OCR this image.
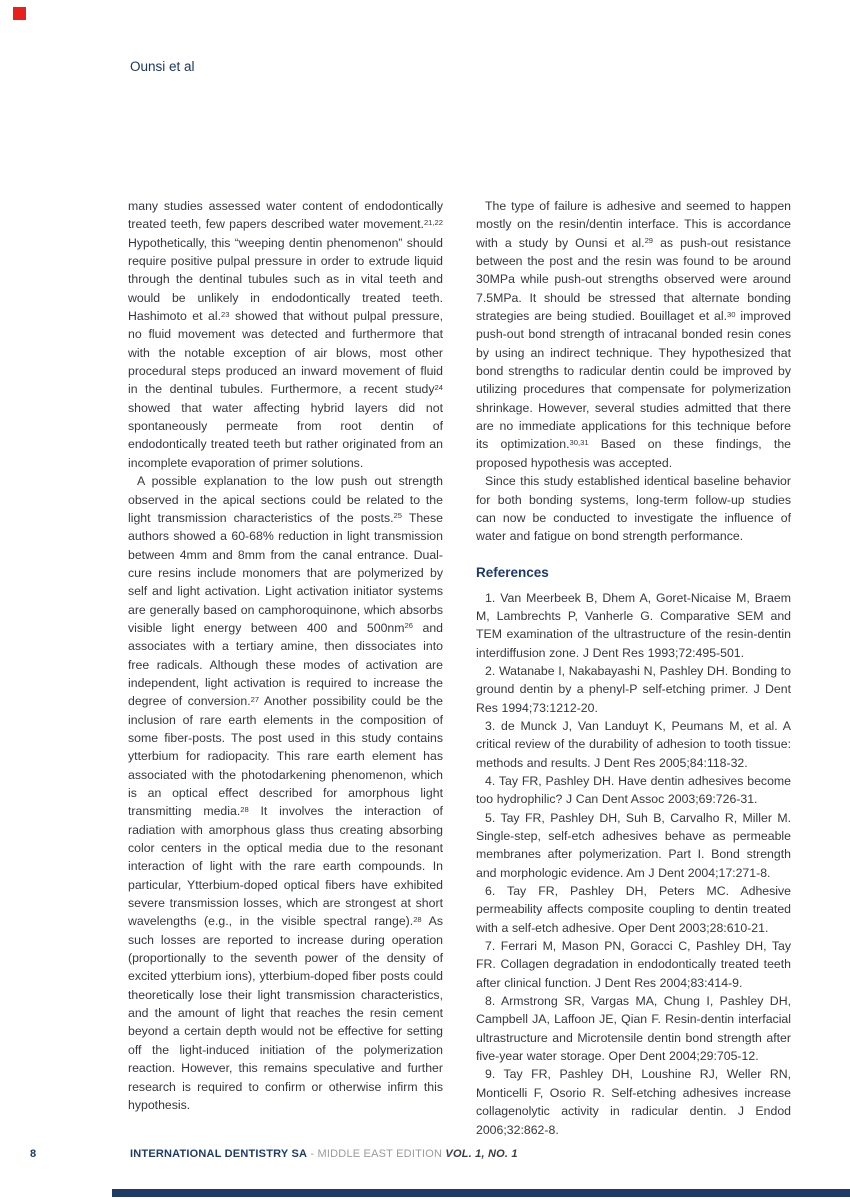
Ounsi et al

many studies assessed water content of endodontically treated teeth, few papers described water movement.$^{21,22}$ Hypothetically, this “weeping dentin phenomenon” should require positive pulpal pressure in order to extrude liquid through the dentinal tubules such as in vital teeth and would be unlikely in endodontically treated teeth. Hashimoto et al.$^{23}$ showed that without pulpal pressure, no fluid movement was detected and furthermore that with the notable exception of air blows, most other procedural steps produced an inward movement of fluid in the dentinal tubules. Furthermore, a recent study$^{24}$ showed that water affecting hybrid layers did not spontaneously permeate from root dentin of endodontically treated teeth but rather originated from an incomplete evaporation of primer solutions.

A possible explanation to the low push out strength observed in the apical sections could be related to the light transmission characteristics of the posts.$^{25}$ These authors showed a 60-68% reduction in light transmission between 4mm and 8mm from the canal entrance. Dual-cure resins include monomers that are polymerized by self and light activation. Light activation initiator systems are generally based on camphoroquinone, which absorbs visible light energy between 400 and $500nm^{26}$ and associates with a tertiary amine, then dissociates into free radicals. Although these modes of activation are independent, light activation is required to increase the degree of conversion.$^{27}$ Another possibility could be the inclusion of rare earth elements in the composition of some fiber-posts. The post used in this study contains ytterbium for radiopacity. This rare earth element has associated with the photodarkening phenomenon, which is an optical effect described for amorphous light transmitting media.$^{28}$ It involves the interaction of radiation with amorphous glass thus creating absorbing color centers in the optical media due to the resonant interaction of light with the rare earth compounds. In particular, Ytterbium-doped optical fibers have exhibited severe transmission losses, which are strongest at short wavelengths (e.g., in the visible spectral range).$^{28}$ As such losses are reported to increase during operation (proportionally to the seventh power of the density of excited ytterbium ions), ytterbium-doped fiber posts could theoretically lose their light transmission characteristics, and the amount of light that reaches the resin cement beyond a certain depth would not be effective for setting off the light-induced initiation of the polymerization reaction. However, this remains speculative and further research is required to confirm or otherwise infirm this hypothesis.

The type of failure is adhesive and seemed to happen mostly on the resin/dentin interface. This is accordance with a study by Ounsi et al.$^{29}$ as push-out resistance between the post and the resin was found to be around 30MPa while push-out strengths observed were around 7.5MPa. It should be stressed that alternate bonding strategies are being studied. Bouillaget et al.$^{30}$ improved push-out bond strength of intracanal bonded resin cones by using an indirect technique. They hypothesized that bond strengths to radicular dentin could be improved by utilizing procedures that compensate for polymerization shrinkage. However, several studies admitted that there are no immediate applications for this technique before its optimization.$^{30,31}$ Based on these findings, the proposed hypothesis was accepted.

Since this study established identical baseline behavior for both bonding systems, long-term follow-up studies can now be conducted to investigate the influence of water and fatigue on bond strength performance.

References

1. Van Meerbeek B, Dhem A, Goret-Nicaise M, Braem M, Lambrechts P, Vanherle G. Comparative SEM and TEM examination of the ultrastructure of the resin-dentin interdiffusion zone. J Dent Res 1993;72:495-501.

2. Watanabe I, Nakabayashi N, Pashley DH. Bonding to ground dentin by a phenyl-P self-etching primer. J Dent Res 1994;73:1212-20.

3. de Munck J, Van Landuyt K, Peumans M, et al. A critical review of the durability of adhesion to tooth tissue: methods and results. J Dent Res 2005;84:118-32.

4. Tay FR, Pashley DH. Have dentin adhesives become too hydrophilic? J Can Dent Assoc 2003;69:726-31.

5. Tay FR, Pashley DH, Suh B, Carvalho R, Miller M. Single-step, self-etch adhesives behave as permeable membranes after polymerization. Part I. Bond strength and morphologic evidence. Am J Dent 2004;17:271-8.

6. Tay FR, Pashley DH, Peters MC. Adhesive permeability affects composite coupling to dentin treated with a self-etch adhesive. Oper Dent 2003;28:610-21.

7. Ferrari M, Mason PN, Goracci C, Pashley DH, Tay FR. Collagen degradation in endodontically treated teeth after clinical function. J Dent Res 2004;83:414-9.

8. Armstrong SR, Vargas MA, Chung I, Pashley DH, Campbell JA, Laffoon JE, Qian F. Resin-dentin interfacial ultrastructure and Microtensile dentin bond strength after five-year water storage. Oper Dent 2004;29:705-12.

9. Tay FR, Pashley DH, Loushine RJ, Weller RN, Monticelli F, Osorio R. Self-etching adhesives increase collagenolytic activity in radicular dentin. J Endod 2006;32:862-8.

8	INTERNATIONAL DENTISTRY SA - MIDDLE EAST EDITION VOL. 1, NO. 1
